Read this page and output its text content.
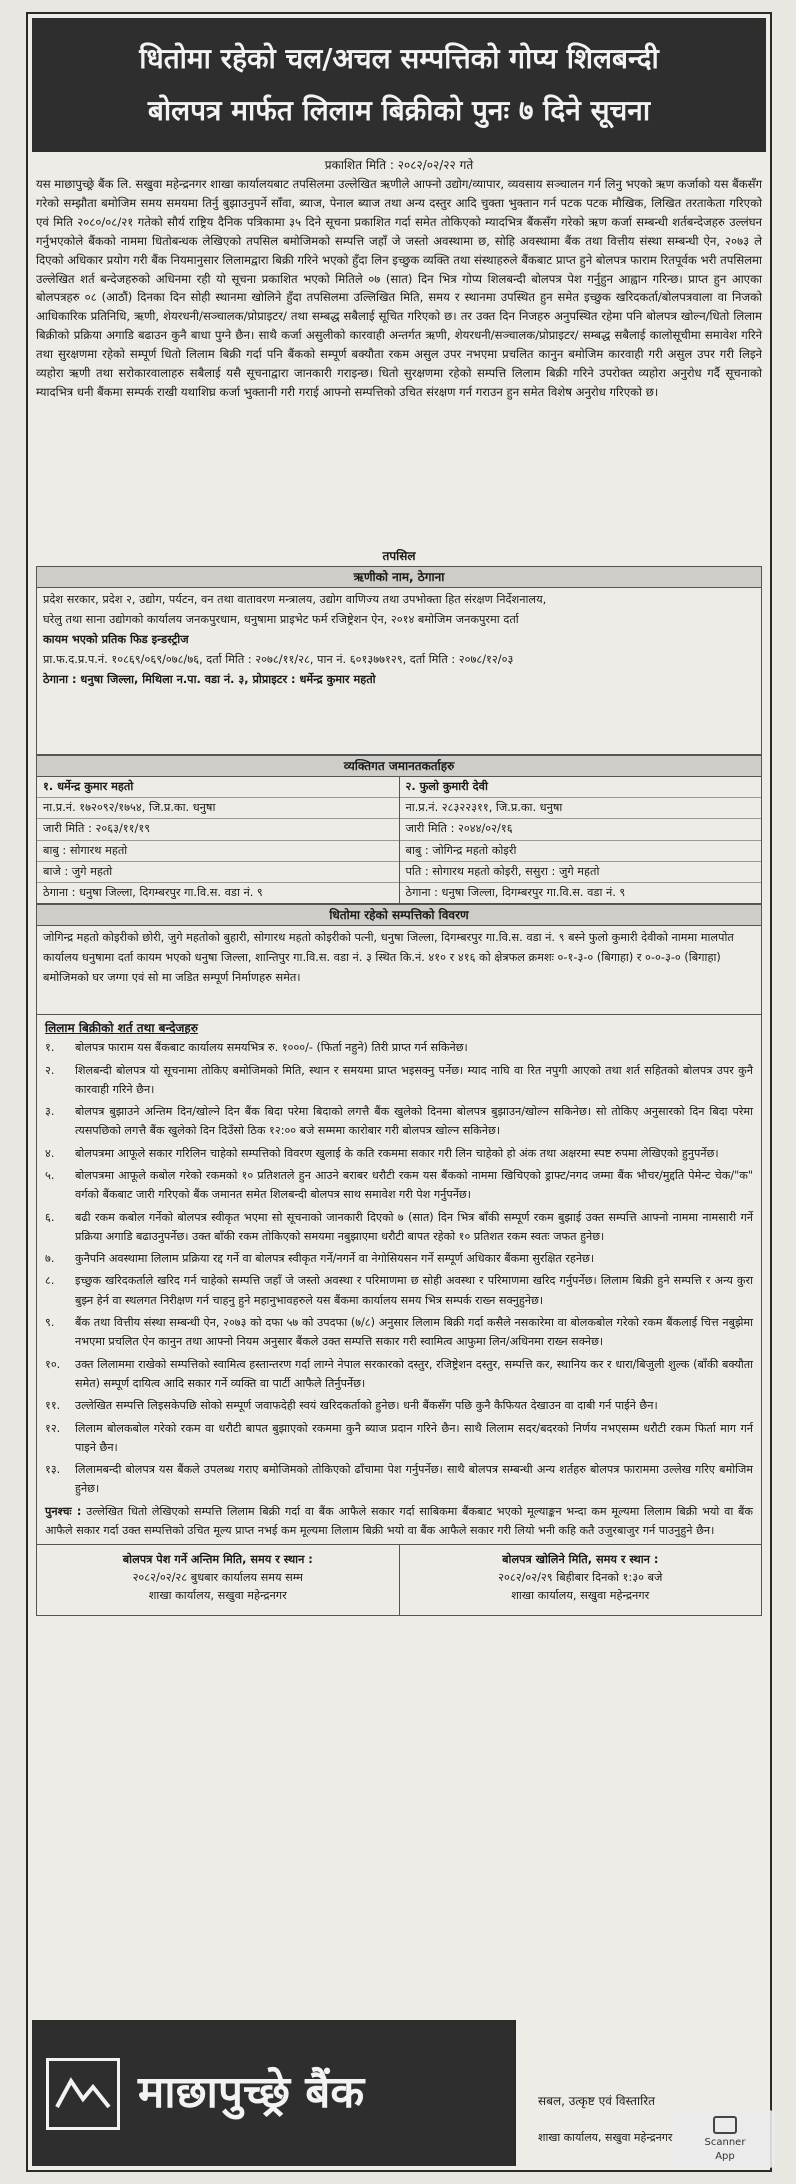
धितोमा रहेको चल/अचल सम्पत्तिको गोप्य शिलबन्दी
बोलपत्र मार्फत लिलाम बिक्रीको पुनः ७ दिने सूचना
प्रकाशित मिति : २०८२/०२/२२ गते
यस माछापुच्छ्रे बैंक लि. सखुवा महेन्द्रनगर शाखा कार्यालयबाट तपसिलमा उल्लेखित ऋणीले आफ्नो उद्योग/व्यापार, व्यवसाय सञ्चालन गर्न लिनु भएको ऋण कर्जाको यस बैंकसँग गरेको सम्झौता बमोजिम समय समयमा तिर्नु बुझाउनुपर्ने साँवा, ब्याज, पेनाल ब्याज तथा अन्य दस्तुर आदि चुक्ता भुक्तान गर्न पटक पटक मौखिक, लिखित तरताकेता गरिएको एवं मिति २०८०/०८/२१ गतेको सौर्य राष्ट्रिय दैनिक पत्रिकामा ३५ दिने सूचना प्रकाशित गर्दा समेत तोकिएको म्यादभित्र बैंकसँग गरेको ऋण कर्जा सम्बन्धी शर्तबन्देजहरु उल्लंघन गर्नुभएकोले बैंकको नाममा धितोबन्धक लेखिएको तपसिल बमोजिमको सम्पत्ति जहाँ जे जस्तो अवस्थामा छ, सोहि अवस्थामा बैंक तथा वित्तीय संस्था सम्बन्धी ऐन, २०७३ ले दिएको अधिकार प्रयोग गरी बैंक नियमानुसार लिलामद्वारा बिक्री गरिने भएको हुँदा लिन इच्छुक व्यक्ति तथा संस्थाहरुले बैंकबाट प्राप्त हुने बोलपत्र फाराम रितपूर्वक भरी तपसिलमा उल्लेखित शर्त बन्देजहरुको अधिनमा रही यो सूचना प्रकाशित भएको मितिले ०७ (सात) दिन भित्र गोप्य शिलबन्दी बोलपत्र पेश गर्नुहुन आह्वान गरिन्छ। प्राप्त हुन आएका बोलपत्रहरु ०८ (आठौं) दिनका दिन सोही स्थानमा खोलिने हुँदा तपसिलमा उल्लिखित मिति, समय र स्थानमा उपस्थित हुन समेत इच्छुक खरिदकर्ता/बोलपत्रवाला वा निजको आधिकारिक प्रतिनिधि, ऋणी, शेयरधनी/सञ्चालक/प्रोप्राइटर/ तथा सम्बद्ध सबैलाई सूचित गरिएको छ। तर उक्त दिन निजहरु अनुपस्थित रहेमा पनि बोलपत्र खोल्न/धितो लिलाम बिक्रीको प्रक्रिया अगाडि बढाउन कुनै बाधा पुग्ने छैन। साथै कर्जा असुलीको कारवाही अन्तर्गत ऋणी, शेयरधनी/सञ्चालक/प्रोप्राइटर/ सम्बद्ध सबैलाई कालोसूचीमा समावेश गरिने तथा सुरक्षणमा रहेको सम्पूर्ण धितो लिलाम बिक्री गर्दा पनि बैंकको सम्पूर्ण बक्यौता रकम असुल उपर नभएमा प्रचलित कानुन बमोजिम कारवाही गरी असुल उपर गरी लिइने व्यहोरा ऋणी तथा सरोकारवालाहरु सबैलाई यसै सूचनाद्वारा जानकारी गराइन्छ। धितो सुरक्षणमा रहेको सम्पत्ति लिलाम बिक्री गरिने उपरोक्त व्यहोरा अनुरोध गर्दै सूचनाको म्यादभित्र धनी बैंकमा सम्पर्क राखी यथाशिघ्र कर्जा भुक्तानी गरी गराई आफ्नो सम्पत्तिको उचित संरक्षण गर्न गराउन हुन समेत विशेष अनुरोध गरिएको छ।
तपसिल
ऋणीको नाम, ठेगाना
प्रदेश सरकार, प्रदेश २, उद्योग, पर्यटन, वन तथा वातावरण मन्त्रालय, उद्योग वाणिज्य तथा उपभोक्ता हित संरक्षण निर्देशनालय,
घरेलु तथा साना उद्योगको कार्यालय जनकपुरधाम, धनुषामा प्राइभेट फर्म रजिष्ट्रेशन ऐन, २०१४ बमोजिम जनकपुरमा दर्ता
कायम भएको प्रतिक फिड इन्डस्ट्रीज
प्रा.फ.द.प्र.प.नं. १०८६९/०६९/०७८/७६, दर्ता मिति : २०७८/११/२८, पान नं. ६०१३७७१२९, दर्ता मिति : २०७८/१२/०३
ठेगाना : धनुषा जिल्ला, मिथिला न.पा. वडा नं. ३, प्रोप्राइटर : धर्मेन्द्र कुमार महतो
व्यक्तिगत जमानतकर्ताहरु
१. धर्मेन्द्र कुमार महतो
ना.प्र.नं. १७२०९२/१७५४, जि.प्र.का. धनुषा
जारी मिति : २०६३/११/१९
बाबु : सोगारथ महतो
बाजे : जुगे महतो
ठेगाना : धनुषा जिल्ला, दिगम्बरपुर गा.वि.स. वडा नं. ९
२. फुलो कुमारी देवी
ना.प्र.नं. २८३२२३११, जि.प्र.का. धनुषा
जारी मिति : २०४४/०२/१६
बाबु : जोगिन्द्र महतो कोइरी
पति : सोगारथ महतो कोइरी, ससुरा : जुगे महतो
ठेगाना : धनुषा जिल्ला, दिगम्बरपुर गा.वि.स. वडा नं. ९
धितोमा रहेको सम्पत्तिको विवरण
जोगिन्द्र महतो कोइरीको छोरी, जुगे महतोको बुहारी, सोगारथ महतो कोइरीको पत्नी, धनुषा जिल्ला, दिगम्बरपुर गा.वि.स. वडा नं. ९ बस्ने फुलो कुमारी देवीको नाममा मालपोत कार्यालय धनुषामा दर्ता कायम भएको धनुषा जिल्ला, शान्तिपुर गा.वि.स. वडा नं. ३ स्थित कि.नं. ४१० र ४१६ को क्षेत्रफल क्रमशः ०-१-३-० (बिगाहा) र ०-०-३-० (बिगाहा) बमोजिमको घर जग्गा एवं सो मा जडित सम्पूर्ण निर्माणहरु समेत।
लिलाम बिक्रीको शर्त तथा बन्देजहरु
१. बोलपत्र फाराम यस बैंकबाट कार्यालय समयभित्र रु. १०००/- (फिर्ता नहुने) तिरी प्राप्त गर्न सकिनेछ।
२. शिलबन्दी बोलपत्र यो सूचनामा तोकिए बमोजिमको मिति, स्थान र समयमा प्राप्त भइसक्नु पर्नेछ। म्याद नाघि वा रित नपुगी आएको तथा शर्त सहितको बोलपत्र उपर कुनै कारवाही गरिने छैन।
३. बोलपत्र बुझाउने अन्तिम दिन/खोल्ने दिन बैंक बिदा परेमा बिदाको लगत्तै बैंक खुलेको दिनमा बोलपत्र बुझाउन/खोल्न सकिनेछ। सो तोकिए अनुसारको दिन बिदा परेमा त्यसपछिको लगत्तै बैंक खुलेको दिन दिउँसो ठिक १२:०० बजे सम्ममा कारोबार गरी बोलपत्र खोल्न सकिनेछ।
४. बोलपत्रमा आफूले सकार गरिलिन चाहेको सम्पत्तिको विवरण खुलाई के कति रकममा सकार गरी लिन चाहेको हो अंक तथा अक्षरमा स्पष्ट रुपमा लेखिएको हुनुपर्नेछ।
५. बोलपत्रमा आफूले कबोल गरेको रकमको १० प्रतिशतले हुन आउने बराबर धरौटी रकम यस बैंकको नाममा खिचिएको ड्राफ्ट/नगद जम्मा बैंक भौचर/मुद्दति पेमेन्ट चेक/"क" वर्गको बैंकबाट जारी गरिएको बैंक जमानत समेत शिलबन्दी बोलपत्र साथ समावेश गरी पेश गर्नुपर्नेछ।
६. बढी रकम कबोल गर्नेको बोलपत्र स्वीकृत भएमा सो सूचनाको जानकारी दिएको ७ (सात) दिन भित्र बाँकी सम्पूर्ण रकम बुझाई उक्त सम्पत्ति आफ्नो नाममा नामसारी गर्ने प्रक्रिया अगाडि बढाउनुपर्नेछ। उक्त बाँकी रकम तोकिएको समयमा नबुझाएमा धरौटी बापत रहेको १० प्रतिशत रकम स्वतः जफत हुनेछ।
७. कुनैपनि अवस्थामा लिलाम प्रक्रिया रद्द गर्ने वा बोलपत्र स्वीकृत गर्ने/नगर्ने वा नेगोसियसन गर्ने सम्पूर्ण अधिकार बैंकमा सुरक्षित रहनेछ।
८. इच्छुक खरिदकर्ताले खरिद गर्न चाहेको सम्पत्ति जहाँ जे जस्तो अवस्था र परिमाणमा छ सोही अवस्था र परिमाणमा खरिद गर्नुपर्नेछ। लिलाम बिक्री हुने सम्पत्ति र अन्य कुरा बुझ्न हेर्न वा स्थलगत निरीक्षण गर्न चाहनु हुने महानुभावहरुले यस बैंकमा कार्यालय समय भित्र सम्पर्क राख्न सक्नुहुनेछ।
९. बैंक तथा वित्तीय संस्था सम्बन्धी ऐन, २०७३ को दफा ५७ को उपदफा (७/८) अनुसार लिलाम बिक्री गर्दा कसैले नसकारेमा वा बोलकबोल गरेको रकम बैंकलाई चित्त नबुझेमा नभएमा प्रचलित ऐन कानुन तथा आफ्नो नियम अनुसार बैंकले उक्त सम्पत्ति सकार गरी स्वामित्व आफुमा लिन/अधिनमा राख्न सक्नेछ।
१०. उक्त लिलाममा राखेको सम्पत्तिको स्वामित्व हस्तान्तरण गर्दा लाग्ने नेपाल सरकारको दस्तुर, रजिष्ट्रेशन दस्तुर, सम्पत्ति कर, स्थानिय कर र धारा/बिजुली शुल्क (बाँकी बक्यौता समेत) सम्पूर्ण दायित्व आदि सकार गर्ने व्यक्ति वा पार्टी आफैले तिर्नुपर्नेछ।
११. उल्लेखित सम्पत्ति लिइसकेपछि सोको सम्पूर्ण जवाफदेही स्वयं खरिदकर्ताको हुनेछ। धनी बैंकसँग पछि कुनै कैफियत देखाउन वा दाबी गर्न पाईने छैन।
१२. लिलाम बोलकबोल गरेको रकम वा धरौटी बापत बुझाएको रकममा कुनै ब्याज प्रदान गरिने छैन। साथै लिलाम सदर/बदरको निर्णय नभएसम्म धरौटी रकम फिर्ता माग गर्न पाइने छैन।
१३. लिलामबन्दी बोलपत्र यस बैंकले उपलब्ध गराए बमोजिमको तोकिएको ढाँचामा पेश गर्नुपर्नेछ। साथै बोलपत्र सम्बन्धी अन्य शर्तहरु बोलपत्र फाराममा उल्लेख गरिए बमोजिम हुनेछ।
पुनश्चः : उल्लेखित धितो लेखिएको सम्पत्ति लिलाम बिक्री गर्दा वा बैंक आफैले सकार गर्दा साबिकमा बैंकबाट भएको मूल्याङ्कन भन्दा कम मूल्यमा लिलाम बिक्री भयो वा बैंक आफैले सकार गर्दा उक्त सम्पत्तिको उचित मूल्य प्राप्त नभई कम मूल्यमा लिलाम बिक्री भयो वा बैंक आफैले सकार गरी लियो भनी कहि कतै उजुरबाजुर गर्न पाउनुहुने छैन।
बोलपत्र पेश गर्ने अन्तिम मिति, समय र स्थान :
२०८२/०२/२८ बुधबार कार्यालय समय सम्म
शाखा कार्यालय, सखुवा महेन्द्रनगर
बोलपत्र खोलिने मिति, समय र स्थान :
२०८२/०२/२९ बिहीबार दिनको १:३० बजे
शाखा कार्यालय, सखुवा महेन्द्रनगर
माछापुच्छ्रे बैंक	सबल, उत्कृष्ट एवं विस्तारित
शाखा कार्यालय, सखुवा महेन्द्रनगर	Scanner
App
